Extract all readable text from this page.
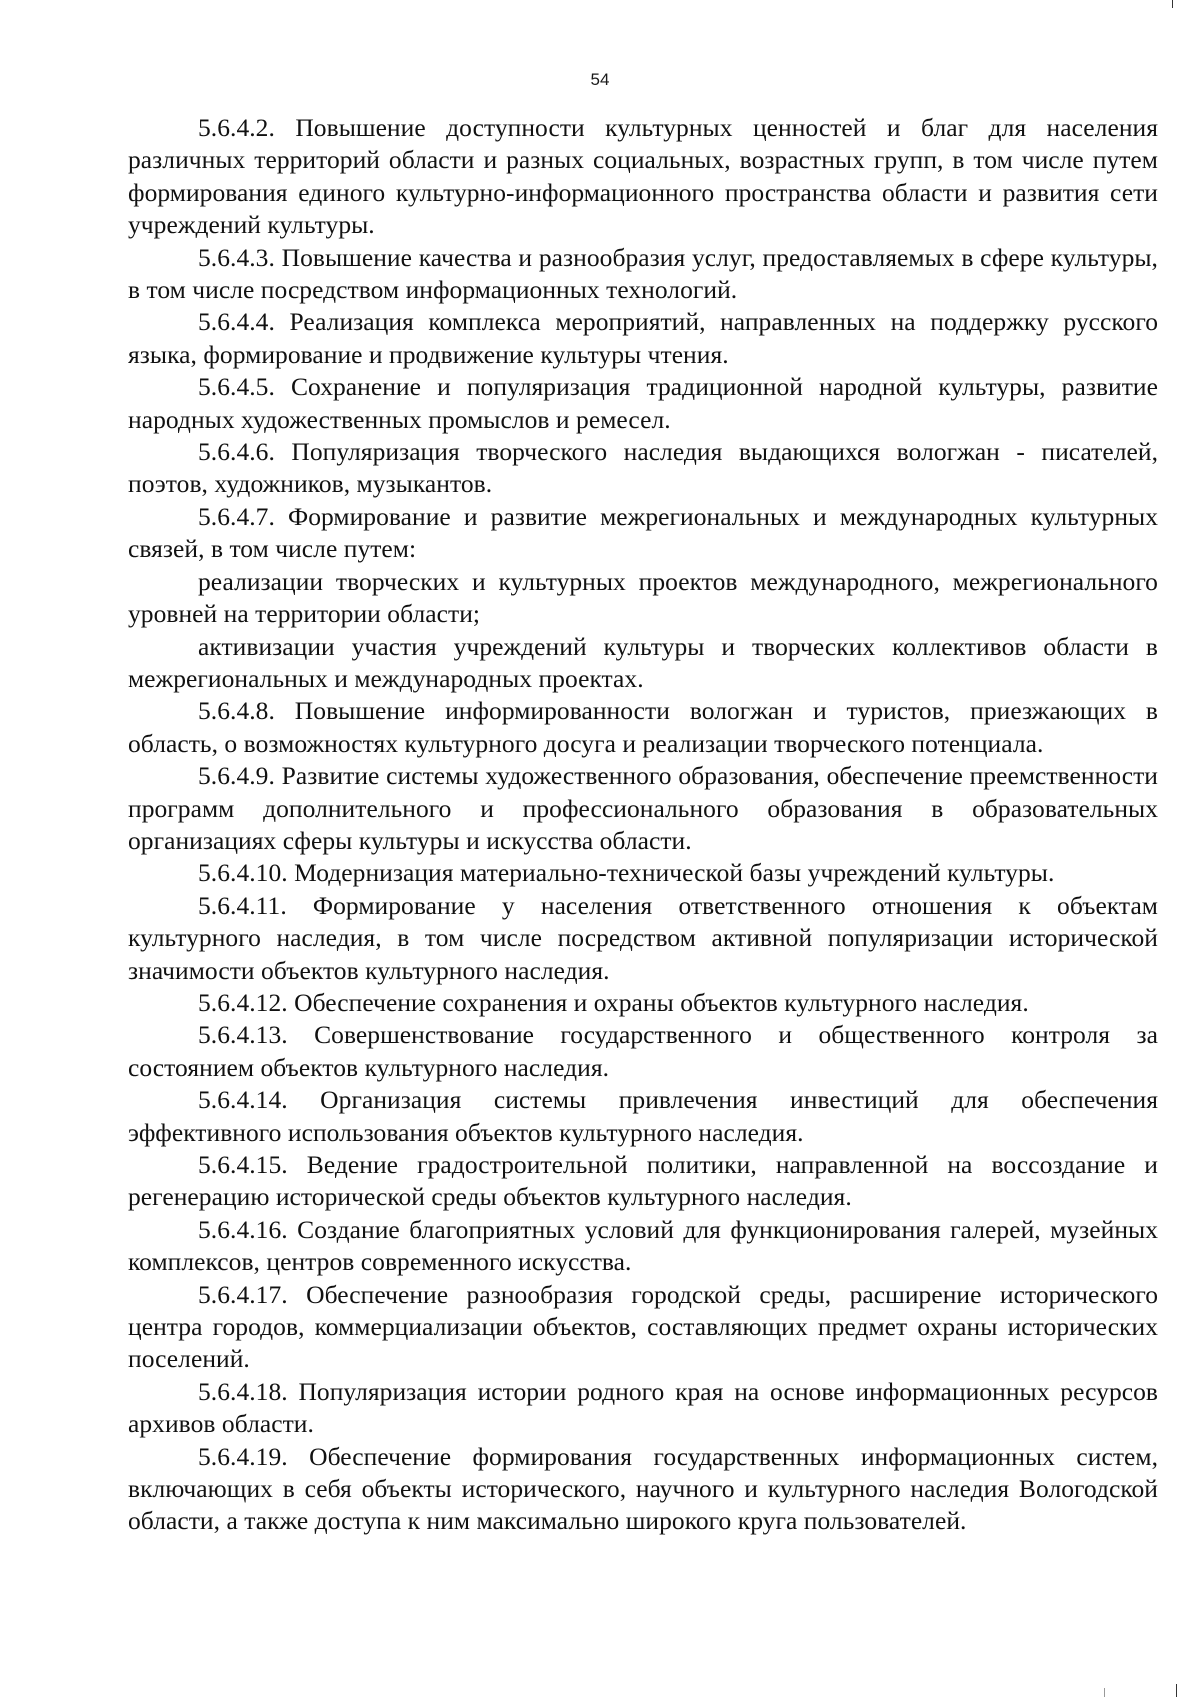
54

5.6.4.2. Повышение доступности культурных ценностей и благ для населения различных территорий области и разных социальных, возрастных групп, в том числе путем формирования единого культурно-информационного пространства области и развития сети учреждений культуры.

5.6.4.3. Повышение качества и разнообразия услуг, предоставляемых в сфере культуры, в том числе посредством информационных технологий.

5.6.4.4. Реализация комплекса мероприятий, направленных на поддержку русского языка, формирование и продвижение культуры чтения.

5.6.4.5. Сохранение и популяризация традиционной народной культуры, развитие народных художественных промыслов и ремесел.

5.6.4.6. Популяризация творческого наследия выдающихся вологжан - писателей, поэтов, художников, музыкантов.

5.6.4.7. Формирование и развитие межрегиональных и международных культурных связей, в том числе путем:

реализации творческих и культурных проектов международного, межрегионального уровней на территории области;

активизации участия учреждений культуры и творческих коллективов области в межрегиональных и международных проектах.

5.6.4.8. Повышение информированности вологжан и туристов, приезжающих в область, о возможностях культурного досуга и реализации творческого потенциала.

5.6.4.9. Развитие системы художественного образования, обеспечение преемственности программ дополнительного и профессионального образования в образовательных организациях сферы культуры и искусства области.

5.6.4.10. Модернизация материально-технической базы учреждений культуры.

5.6.4.11. Формирование у населения ответственного отношения к объектам культурного наследия, в том числе посредством активной популяризации исторической значимости объектов культурного наследия.

5.6.4.12. Обеспечение сохранения и охраны объектов культурного наследия.

5.6.4.13. Совершенствование государственного и общественного контроля за состоянием объектов культурного наследия.

5.6.4.14. Организация системы привлечения инвестиций для обеспечения эффективного использования объектов культурного наследия.

5.6.4.15. Ведение градостроительной политики, направленной на воссоздание и регенерацию исторической среды объектов культурного наследия.

5.6.4.16. Создание благоприятных условий для функционирования галерей, музейных комплексов, центров современного искусства.

5.6.4.17. Обеспечение разнообразия городской среды, расширение исторического центра городов, коммерциализации объектов, составляющих предмет охраны исторических поселений.

5.6.4.18. Популяризация истории родного края на основе информационных ресурсов архивов области.

5.6.4.19. Обеспечение формирования государственных информационных систем, включающих в себя объекты исторического, научного и культурного наследия Вологодской области, а также доступа к ним максимально широкого круга пользователей.
